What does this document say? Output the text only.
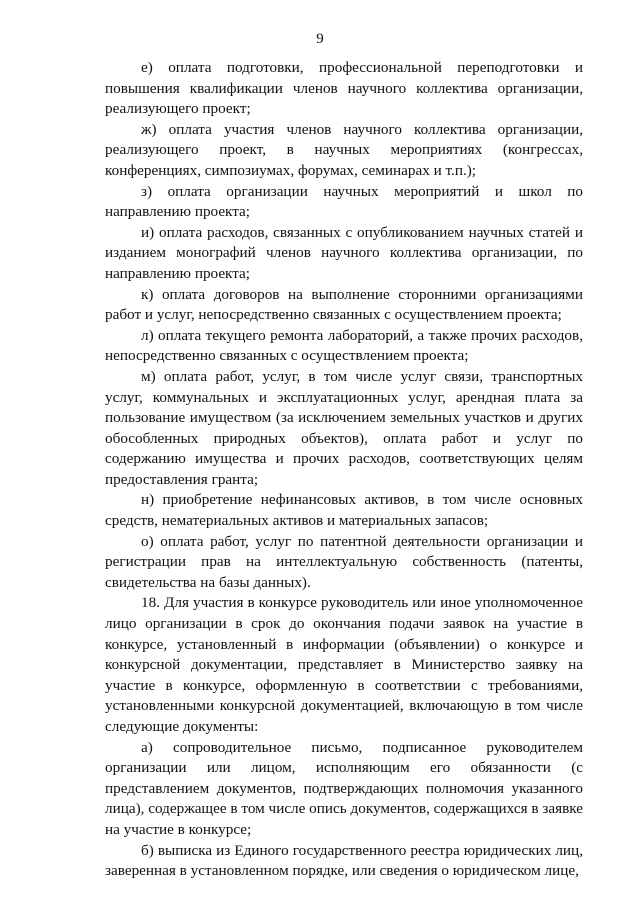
9

е) оплата подготовки, профессиональной переподготовки и повышения квалификации членов научного коллектива организации, реализующего проект;

ж) оплата участия членов научного коллектива организации, реализующего проект, в научных мероприятиях (конгрессах, конференциях, симпозиумах, форумах, семинарах и т.п.);

з) оплата организации научных мероприятий и школ по направлению проекта;

и) оплата расходов, связанных с опубликованием научных статей и изданием монографий членов научного коллектива организации, по направлению проекта;

к) оплата договоров на выполнение сторонними организациями работ и услуг, непосредственно связанных с осуществлением проекта;

л) оплата текущего ремонта лабораторий, а также прочих расходов, непосредственно связанных с осуществлением проекта;

м) оплата работ, услуг, в том числе услуг связи, транспортных услуг, коммунальных и эксплуатационных услуг, арендная плата за пользование имуществом (за исключением земельных участков и других обособленных природных объектов), оплата работ и услуг по содержанию имущества и прочих расходов, соответствующих целям предоставления гранта;

н) приобретение нефинансовых активов, в том числе основных средств, нематериальных активов и материальных запасов;

о) оплата работ, услуг по патентной деятельности организации и регистрации прав на интеллектуальную собственность (патенты, свидетельства на базы данных).

18. Для участия в конкурсе руководитель или иное уполномоченное лицо организации в срок до окончания подачи заявок на участие в конкурсе, установленный в информации (объявлении) о конкурсе и конкурсной документации, представляет в Министерство заявку на участие в конкурсе, оформленную в соответствии с требованиями, установленными конкурсной документацией, включающую в том числе следующие документы:

а) сопроводительное письмо, подписанное руководителем организации или лицом, исполняющим его обязанности (с представлением документов, подтверждающих полномочия указанного лица), содержащее в том числе опись документов, содержащихся в заявке на участие в конкурсе;

б) выписка из Единого государственного реестра юридических лиц, заверенная в установленном порядке, или сведения о юридическом лице,
